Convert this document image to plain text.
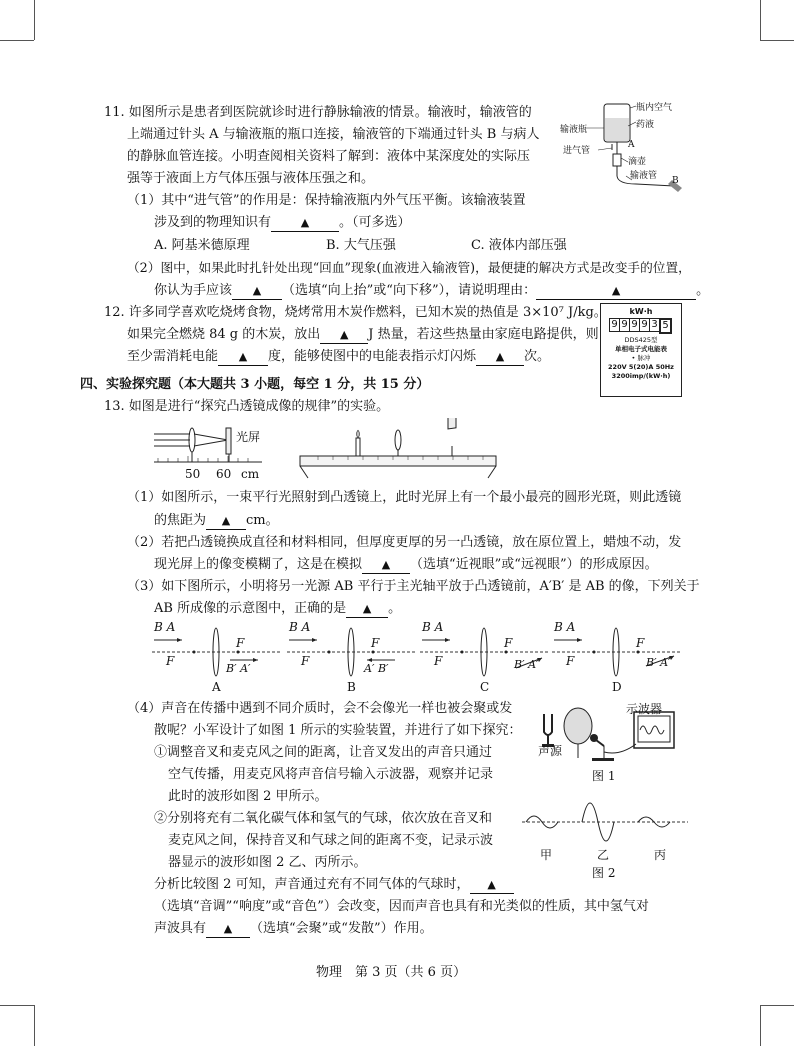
11. 如图所示是患者到医院就诊时进行静脉输液的情景。输液时，输液管的
上端通过针头 A 与输液瓶的瓶口连接，输液管的下端通过针头 B 与病人
的静脉血管连接。小明查阅相关资料了解到：液体中某深度处的实际压
强等于液面上方气体压强与液体压强之和。
（1）其中“进气管”的作用是：保持输液瓶内外气压平衡。该输液装置
涉及到的物理知识有	▲ 。（可多选）
A. 阿基米德原理	B. 大气压强	C. 液体内部压强
（2）图中，如果此时扎针处出现“回血”现象(血液进入输液管)，最便捷的解决方式是改变手的位置，
你认为手应该 ▲ （选填“向上抬”或“向下移”），请说明理由：	▲	。
瓶内空气
药液
输液瓶
进气管
A
滴壶
输液管 B
12. 许多同学喜欢吃烧烤食物，烧烤常用木炭作燃料，已知木炭的热值是 3×10⁷ J/kg。
如果完全燃烧 84 g 的木炭，放出 ▲ J 热量，若这些热量由家庭电路提供，则
至少需消耗电能 ▲ 度，能够使图中的电能表指示灯闪烁 ▲ 次。
kW·h
9 9 9 9 3 5
DDS425型
单相电子式电能表
• 脉冲
220V 5(20)A 50Hz
3200imp/(kW·h)
四、实验探究题（本大题共 3 小题，每空 1 分，共 15 分）
13. 如图是进行“探究凸透镜成像的规律”的实验。
光屏
50 60 cm
（1）如图所示，一束平行光照射到凸透镜上，此时光屏上有一个最小最亮的圆形光斑，则此透镜
的焦距为 ▲ cm。
（2）若把凸透镜换成直径和材料相同，但厚度更厚的另一凸透镜，放在原位置上，蜡烛不动，发
现光屏上的像变模糊了，这是在模拟 ▲ （选填“近视眼”或“远视眼”）的形成原因。
（3）如下图所示，小明将另一光源 AB 平行于主光轴平放于凸透镜前，A′B′ 是 AB 的像，下列关于
AB 所成像的示意图中，正确的是 ▲ 。
B A	B A	B A	B A
F
F
F
F
F
F
F
F
B′ A′	A′ B′	B′ A′	B′ A′
A	B	C	D
（4）声音在传播中遇到不同介质时，会不会像光一样也被会聚或发
散呢？小军设计了如图 1 所示的实验装置，并进行了如下探究：
①调整音叉和麦克风之间的距离，让音叉发出的声音只通过
空气传播，用麦克风将声音信号输入示波器，观察并记录
此时的波形如图 2 甲所示。
②分别将充有二氧化碳气体和氢气的气球，依次放在音叉和
麦克风之间，保持音叉和气球之间的距离不变，记录示波
器显示的波形如图 2 乙、丙所示。
分析比较图 2 可知，声音通过充有不同气体的气球时， ▲
（选填“音调”“响度”或“音色”）会改变，因而声音也具有和光类似的性质，其中氢气对
声波具有 ▲ （选填“会聚”或“发散”）作用。
声源
示波器
图 1
甲	乙	丙
图 2
物理　第 3 页（共 6 页）
